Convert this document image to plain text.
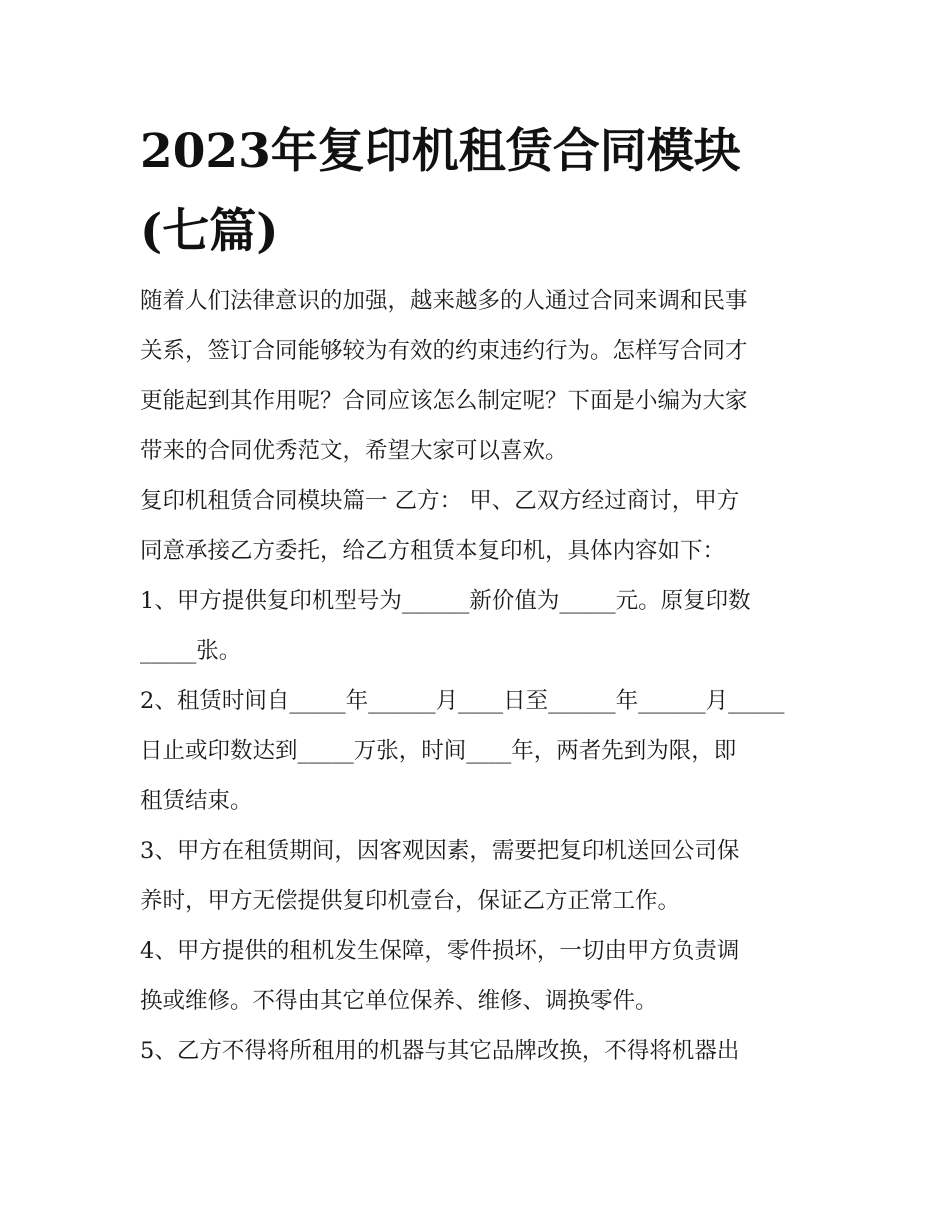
2023年复印机租赁合同模块
(七篇)

随着人们法律意识的加强，越来越多的人通过合同来调和民事
关系，签订合同能够较为有效的约束违约行为。怎样写合同才
更能起到其作用呢？合同应该怎么制定呢？下面是小编为大家
带来的合同优秀范文，希望大家可以喜欢。

复印机租赁合同模块篇一 乙方： 甲、乙双方经过商讨，甲方
同意承接乙方委托，给乙方租赁本复印机，具体内容如下：

1、甲方提供复印机型号为______新价值为_____元。原复印数
_____张。

2、租赁时间自_____年______月____日至______年______月_____
日止或印数达到_____万张，时间____年，两者先到为限，即
租赁结束。

3、甲方在租赁期间，因客观因素，需要把复印机送回公司保
养时，甲方无偿提供复印机壹台，保证乙方正常工作。

4、甲方提供的租机发生保障，零件损坏，一切由甲方负责调
换或维修。不得由其它单位保养、维修、调换零件。

5、乙方不得将所租用的机器与其它品牌改换，不得将机器出
